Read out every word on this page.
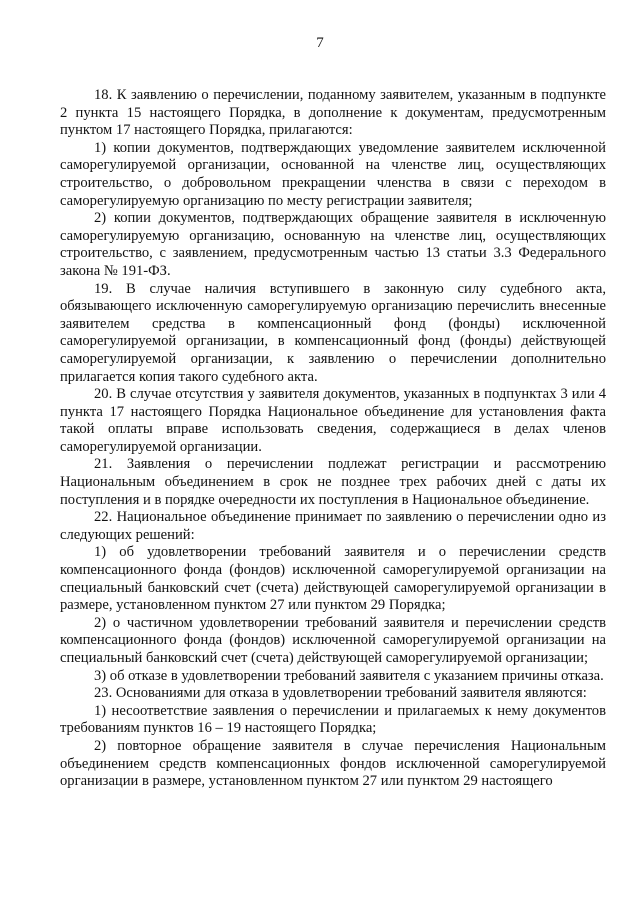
7

18. К заявлению о перечислении, поданному заявителем, указанным в подпункте 2 пункта 15 настоящего Порядка, в дополнение к документам, предусмотренным пунктом 17 настоящего Порядка, прилагаются:

1) копии документов, подтверждающих уведомление заявителем исключенной саморегулируемой организации, основанной на членстве лиц, осуществляющих строительство, о добровольном прекращении членства в связи с переходом в саморегулируемую организацию по месту регистрации заявителя;

2) копии документов, подтверждающих обращение заявителя в исключенную саморегулируемую организацию, основанную на членстве лиц, осуществляющих строительство, с заявлением, предусмотренным частью 13 статьи 3.3 Федерального закона № 191-ФЗ.

19. В случае наличия вступившего в законную силу судебного акта, обязывающего исключенную саморегулируемую организацию перечислить внесенные заявителем средства в компенсационный фонд (фонды) исключенной саморегулируемой организации, в компенсационный фонд (фонды) действующей саморегулируемой организации, к заявлению о перечислении дополнительно прилагается копия такого судебного акта.

20. В случае отсутствия у заявителя документов, указанных в подпунктах 3 или 4 пункта 17 настоящего Порядка Национальное объединение для установления факта такой оплаты вправе использовать сведения, содержащиеся в делах членов саморегулируемой организации.

21. Заявления о перечислении подлежат регистрации и рассмотрению Национальным объединением в срок не позднее трех рабочих дней с даты их поступления и в порядке очередности их поступления в Национальное объединение.

22. Национальное объединение принимает по заявлению о перечислении одно из следующих решений:

1) об удовлетворении требований заявителя и о перечислении средств компенсационного фонда (фондов) исключенной саморегулируемой организации на специальный банковский счет (счета) действующей саморегулируемой организации в размере, установленном пунктом 27 или пунктом 29 Порядка;

2) о частичном удовлетворении требований заявителя и перечислении средств компенсационного фонда (фондов) исключенной саморегулируемой организации на специальный банковский счет (счета) действующей саморегулируемой организации;

3) об отказе в удовлетворении требований заявителя с указанием причины отказа.

23. Основаниями для отказа в удовлетворении требований заявителя являются:

1) несоответствие заявления о перечислении и прилагаемых к нему документов требованиям пунктов 16 – 19 настоящего Порядка;

2) повторное обращение заявителя в случае перечисления Национальным объединением средств компенсационных фондов исключенной саморегулируемой организации в размере, установленном пунктом 27 или пунктом 29 настоящего
